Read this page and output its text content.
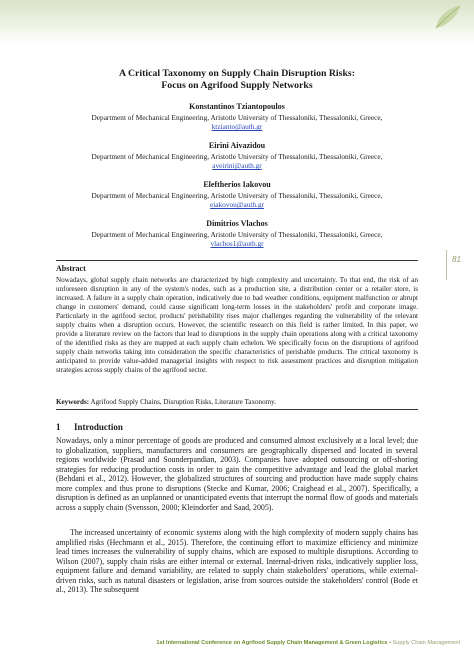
81
A Critical Taxonomy on Supply Chain Disruption Risks:
Focus on Agrifood Supply Networks
Konstantinos Tziantopoulos
Department of Mechanical Engineering, Aristotle University of Thessaloniki, Thessaloniki, Greece,
ktzianto@auth.gr
Eirini Aivazidou
Department of Mechanical Engineering, Aristotle University of Thessaloniki, Thessaloniki, Greece,
aveirini@auth.gr
Eleftherios Iakovou
Department of Mechanical Engineering, Aristotle University of Thessaloniki, Thessaloniki, Greece,
eiakovou@auth.gr
Dimitrios Vlachos
Department of Mechanical Engineering, Aristotle University of Thessaloniki, Thessaloniki, Greece,
vlachos1@auth.gr
Abstract

Nowadays, global supply chain networks are characterized by high complexity and uncertainty. To that end, the risk of an unforeseen disruption in any of the system's nodes, such as a production site, a distribution center or a retailer store, is increased. A failure in a supply chain operation, indicatively due to bad weather conditions, equipment malfunction or abrupt change in customers' demand, could cause significant long-term losses in the stakeholders' profit and corporate image. Particularly in the agrifood sector, products' perishability rises major challenges regarding the vulnerability of the relevant supply chains when a disruption occurs. However, the scientific research on this field is rather limited. In this paper, we provide a literature review on the factors that lead to disruptions in the supply chain operations along with a critical taxonomy of the identified risks as they are mapped at each supply chain echelon. We specifically focus on the disruptions of agrifood supply chain networks taking into consideration the specific characteristics of perishable products. The critical taxonomy is anticipated to provide value-added managerial insights with respect to risk assessment practices and disruption mitigation strategies across supply chains of the agrifood sector.

Keywords: Agrifood Supply Chains, Disruption Risks, Literature Taxonomy.
1 Introduction

Nowadays, only a minor percentage of goods are produced and consumed almost exclusively at a local level; due to globalization, suppliers, manufacturers and consumers are geographically dispersed and located in several regions worldwide (Prasad and Sounderpandian, 2003). Companies have adopted outsourcing or off-shoring strategies for reducing production costs in order to gain the competitive advantage and lead the global market (Behdani et al., 2012). However, the globalized structures of sourcing and production have made supply chains more complex and thus prone to disruptions (Stecke and Kumar, 2006; Craighead et al., 2007). Specifically, a disruption is defined as an unplanned or unanticipated events that interrupt the normal flow of goods and materials across a supply chain (Svensson, 2000; Kleindorfer and Saad, 2005).

The increased uncertainty of economic systems along with the high complexity of modern supply chains has amplified risks (Hechmann et al., 2015). Therefore, the continuing effort to maximize efficiency and minimize lead times increases the vulnerability of supply chains, which are exposed to multiple disruptions. According to Wilson (2007), supply chain risks are either internal or external. Internal-driven risks, indicatively supplier loss, equipment failure and demand variability, are related to supply chain stakeholders' operations, while external-driven risks, such as natural disasters or legislation, arise from sources outside the stakeholders' control (Bode et al., 2013). The subsequent

1st International Conference on Agrifood Supply Chain Management & Green Logistics • Supply Chain Management
